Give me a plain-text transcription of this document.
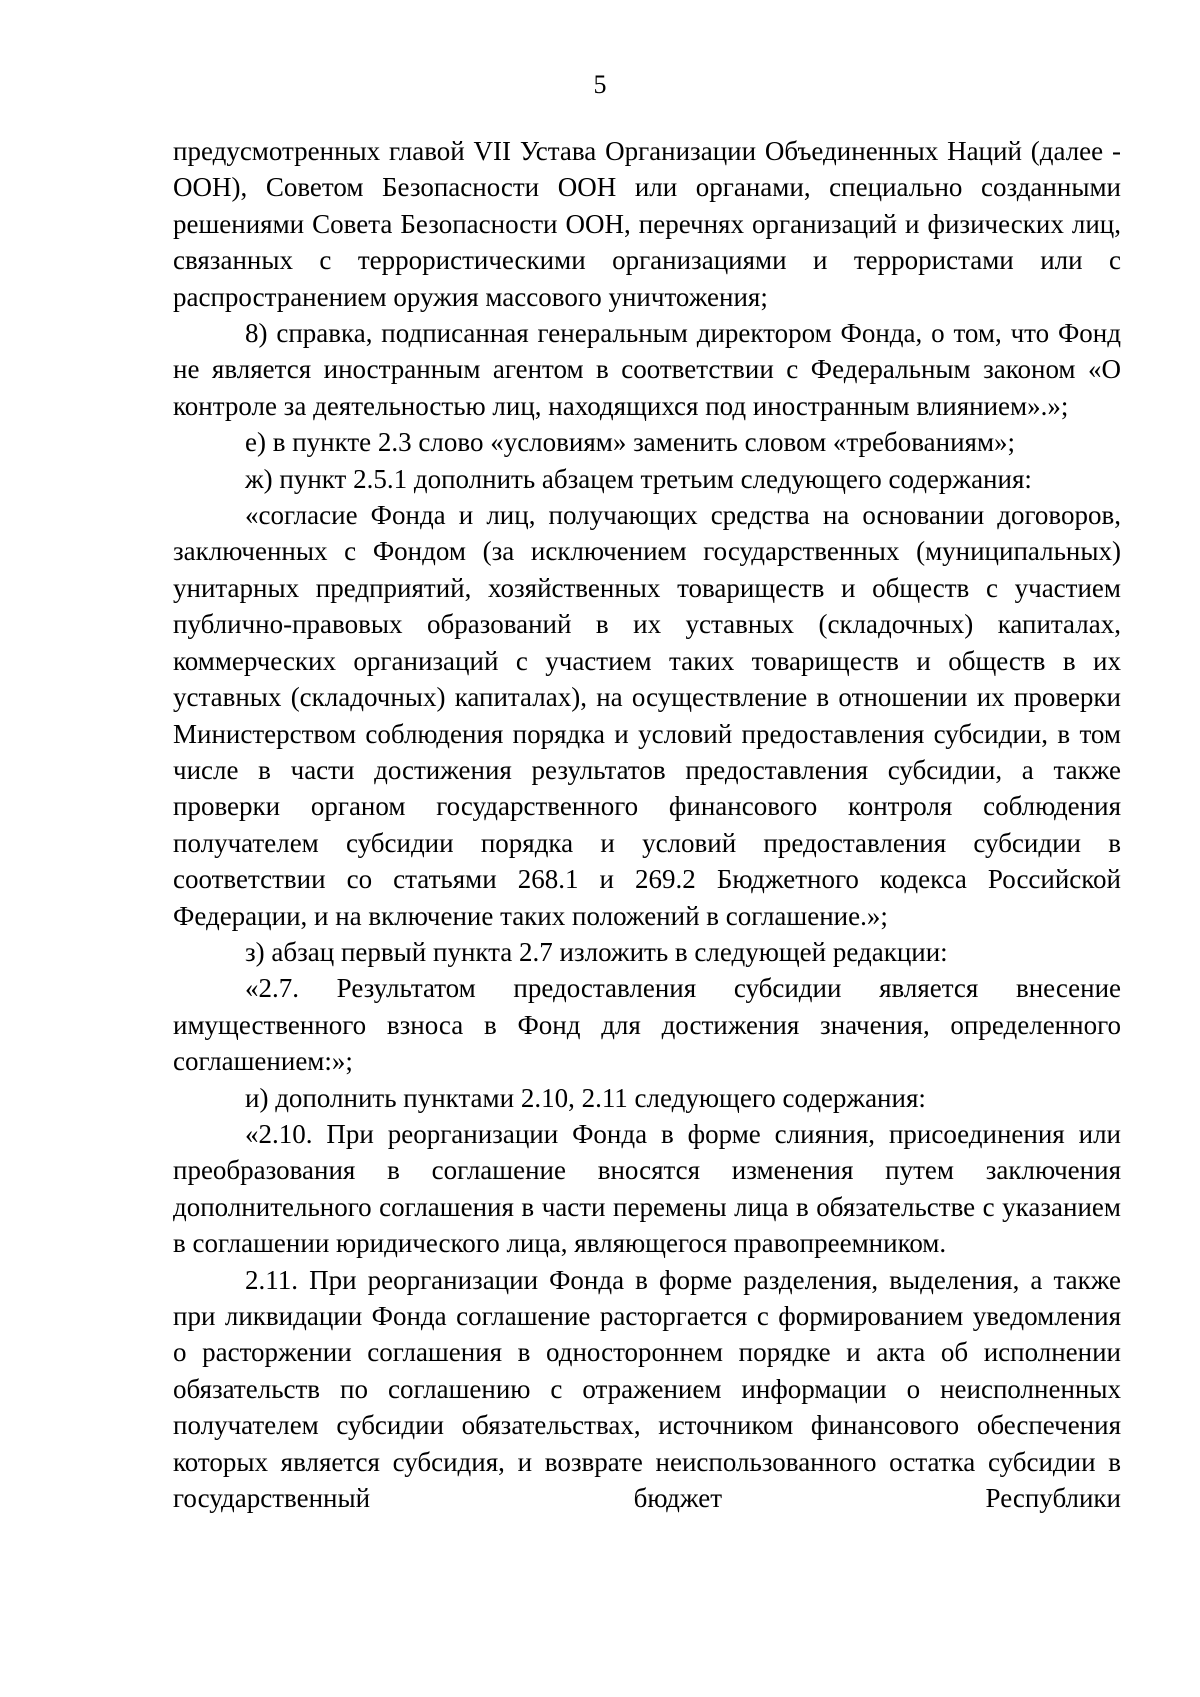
5

предусмотренных главой VII Устава Организации Объединенных Наций (далее - ООН), Советом Безопасности ООН или органами, специально созданными решениями Совета Безопасности ООН, перечнях организаций и физических лиц, связанных с террористическими организациями и террористами или с распространением оружия массового уничтожения;

8) справка, подписанная генеральным директором Фонда, о том, что Фонд не является иностранным агентом в соответствии с Федеральным законом «О контроле за деятельностью лиц, находящихся под иностранным влиянием».»;

е) в пункте 2.3 слово «условиям» заменить словом «требованиям»;

ж) пункт 2.5.1 дополнить абзацем третьим следующего содержания:

«согласие Фонда и лиц, получающих средства на основании договоров, заключенных с Фондом (за исключением государственных (муниципальных) унитарных предприятий, хозяйственных товариществ и обществ с участием публично-правовых образований в их уставных (складочных) капиталах, коммерческих организаций с участием таких товариществ и обществ в их уставных (складочных) капиталах), на осуществление в отношении их проверки Министерством соблюдения порядка и условий предоставления субсидии, в том числе в части достижения результатов предоставления субсидии, а также проверки органом государственного финансового контроля соблюдения получателем субсидии порядка и условий предоставления субсидии в соответствии со статьями 268.1 и 269.2 Бюджетного кодекса Российской Федерации, и на включение таких положений в соглашение.»;

з) абзац первый пункта 2.7 изложить в следующей редакции:

«2.7. Результатом предоставления субсидии является внесение имущественного взноса в Фонд для достижения значения, определенного соглашением:»;

и) дополнить пунктами 2.10, 2.11 следующего содержания:

«2.10. При реорганизации Фонда в форме слияния, присоединения или преобразования в соглашение вносятся изменения путем заключения дополнительного соглашения в части перемены лица в обязательстве с указанием в соглашении юридического лица, являющегося правопреемником.

2.11. При реорганизации Фонда в форме разделения, выделения, а также при ликвидации Фонда соглашение расторгается с формированием уведомления о расторжении соглашения в одностороннем порядке и акта об исполнении обязательств по соглашению с отражением информации о неисполненных получателем субсидии обязательствах, источником финансового обеспечения которых является субсидия, и возврате неиспользованного остатка субсидии в государственный бюджет Республики
